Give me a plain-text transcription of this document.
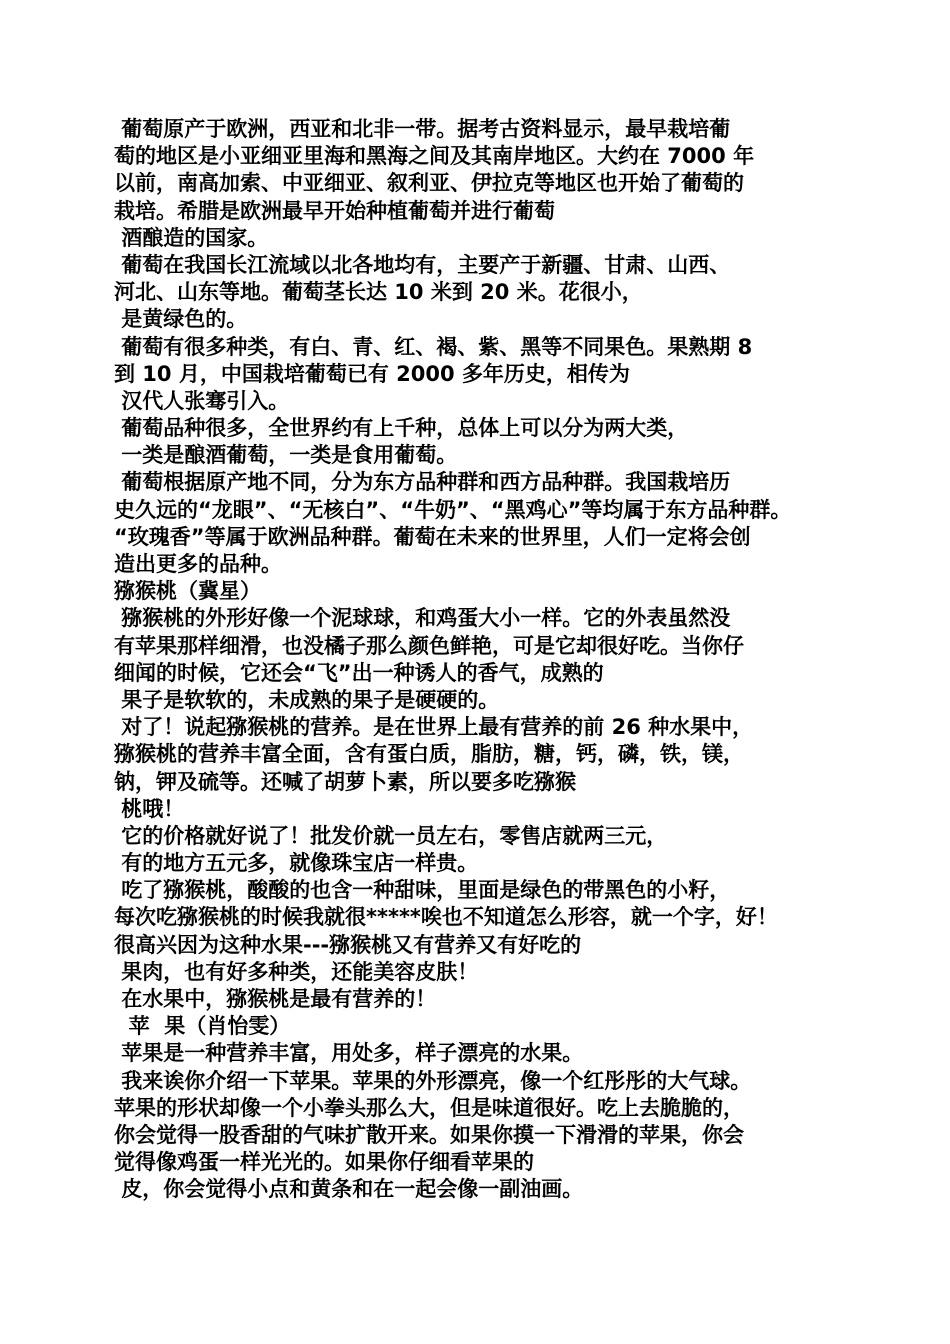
葡萄原产于欧洲，西亚和北非一带。据考古资料显示，最早栽培葡
萄的地区是小亚细亚里海和黑海之间及其南岸地区。大约在 7000 年
以前，南高加索、中亚细亚、叙利亚、伊拉克等地区也开始了葡萄的
栽培。希腊是欧洲最早开始种植葡萄并进行葡萄
酒酿造的国家。
葡萄在我国长江流域以北各地均有，主要产于新疆、甘肃、山西、
河北、山东等地。葡萄茎长达 10 米到 20 米。花很小，
是黄绿色的。
葡萄有很多种类，有白、青、红、褐、紫、黑等不同果色。果熟期 8
到 10 月，中国栽培葡萄已有 2000 多年历史，相传为
汉代人张骞引入。
葡萄品种很多，全世界约有上千种，总体上可以分为两大类，
一类是酿酒葡萄，一类是食用葡萄。
葡萄根据原产地不同，分为东方品种群和西方品种群。我国栽培历
史久远的“龙眼”、“无核白”、“牛奶”、“黑鸡心”等均属于东方品种群。
“玫瑰香”等属于欧洲品种群。葡萄在未来的世界里，人们一定将会创
造出更多的品种。
猕猴桃（冀星）
猕猴桃的外形好像一个泥球球，和鸡蛋大小一样。它的外表虽然没
有苹果那样细滑，也没橘子那么颜色鲜艳，可是它却很好吃。当你仔
细闻的时候，它还会“飞”出一种诱人的香气，成熟的
果子是软软的，未成熟的果子是硬硬的。
对了！说起猕猴桃的营养。是在世界上最有营养的前 26 种水果中，
猕猴桃的营养丰富全面，含有蛋白质，脂肪，糖，钙，磷，铁，镁，
钠，钾及硫等。还喊了胡萝卜素，所以要多吃猕猴
桃哦！
它的价格就好说了！批发价就一员左右，零售店就两三元，
有的地方五元多，就像珠宝店一样贵。
吃了猕猴桃，酸酸的也含一种甜味，里面是绿色的带黑色的小籽，
每次吃猕猴桃的时候我就很*****唉也不知道怎么形容，就一个字，好！
很高兴因为这种水果---猕猴桃又有营养又有好吃的
果肉，也有好多种类，还能美容皮肤！
在水果中，猕猴桃是最有营养的！
苹  果（肖怡雯）
苹果是一种营养丰富，用处多，样子漂亮的水果。
我来诶你介绍一下苹果。苹果的外形漂亮，像一个红彤彤的大气球。
苹果的形状却像一个小拳头那么大，但是味道很好。吃上去脆脆的，
你会觉得一股香甜的气味扩散开来。如果你摸一下滑滑的苹果，你会
觉得像鸡蛋一样光光的。如果你仔细看苹果的
皮，你会觉得小点和黄条和在一起会像一副油画。
